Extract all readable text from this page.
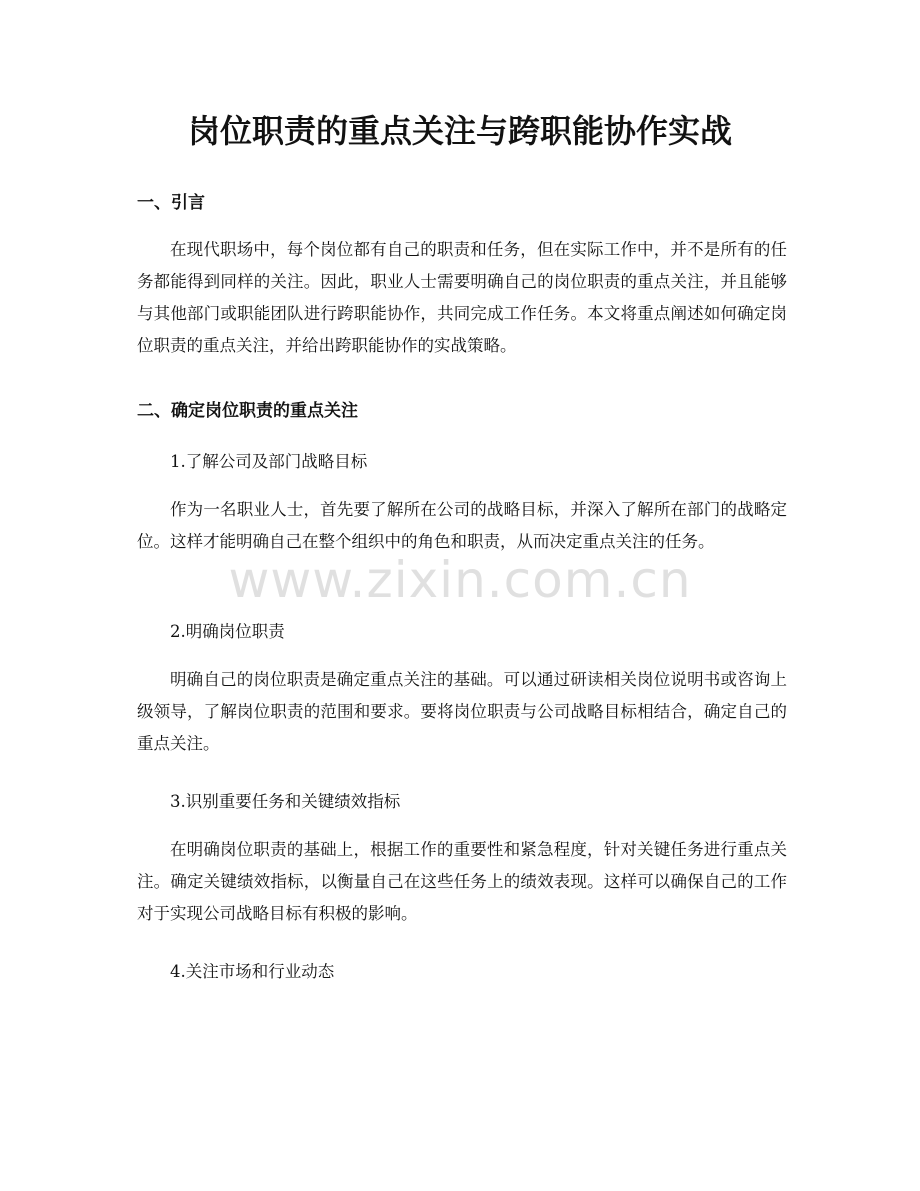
岗位职责的重点关注与跨职能协作实战
一、引言

在现代职场中，每个岗位都有自己的职责和任务，但在实际工作中，并不是所有的任务都能得到同样的关注。因此，职业人士需要明确自己的岗位职责的重点关注，并且能够与其他部门或职能团队进行跨职能协作，共同完成工作任务。本文将重点阐述如何确定岗位职责的重点关注，并给出跨职能协作的实战策略。

二、确定岗位职责的重点关注

1.了解公司及部门战略目标

作为一名职业人士，首先要了解所在公司的战略目标，并深入了解所在部门的战略定位。这样才能明确自己在整个组织中的角色和职责，从而决定重点关注的任务。

2.明确岗位职责

明确自己的岗位职责是确定重点关注的基础。可以通过研读相关岗位说明书或咨询上级领导，了解岗位职责的范围和要求。要将岗位职责与公司战略目标相结合，确定自己的重点关注。

3.识别重要任务和关键绩效指标

在明确岗位职责的基础上，根据工作的重要性和紧急程度，针对关键任务进行重点关注。确定关键绩效指标，以衡量自己在这些任务上的绩效表现。这样可以确保自己的工作对于实现公司战略目标有积极的影响。

4.关注市场和行业动态

www.zixin.com.cn
